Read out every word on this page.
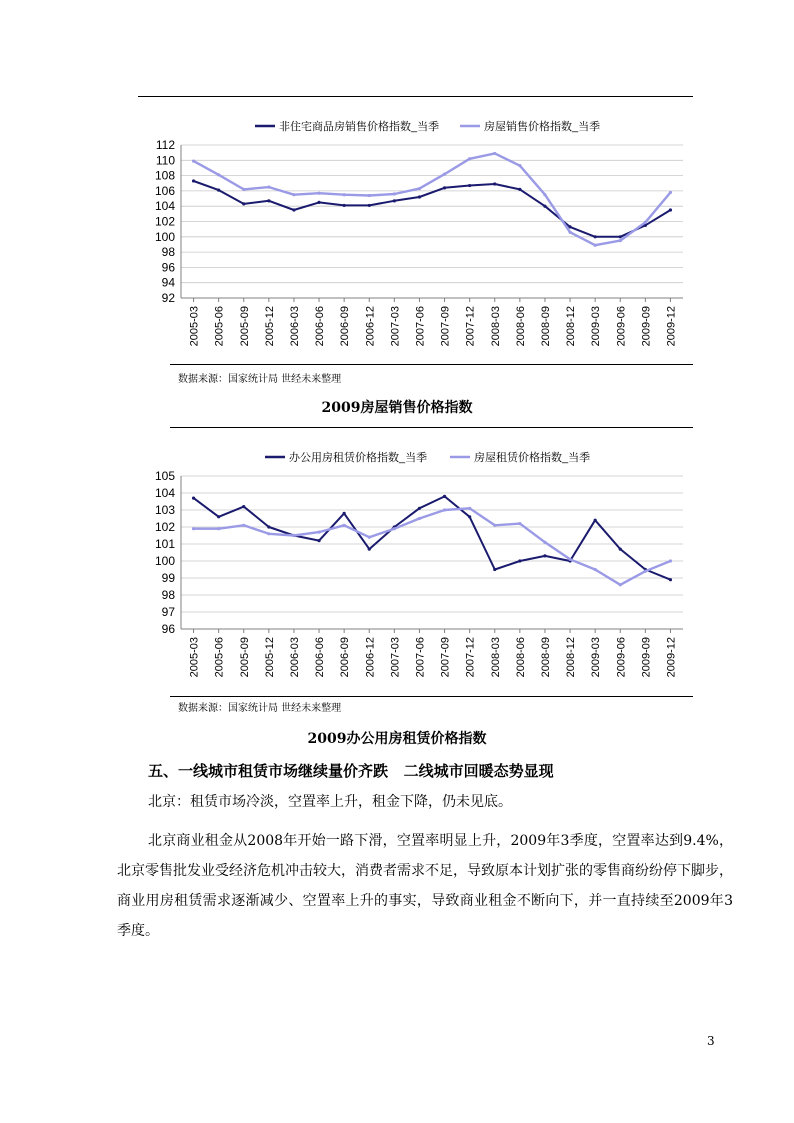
92
94
96
98
100
102
104
106
108
110
112
2005-03 2005-06 2005-09 2005-12 2006-03 2006-06 2006-09 2006-12 2007-03 2007-06 2007-09 2007-12 2008-03 2008-06 2008-09 2008-12 2009-03 2009-06 2009-09 2009-12
非住宅商品房销售价格指数_当季	房屋销售价格指数_当季
数据来源：国家统计局 世经未来整理
2009房屋销售价格指数
96
97
98
99
100
101
102
103
104
105
2005-03 2005-06 2005-09 2005-12 2006-03 2006-06 2006-09 2006-12 2007-03 2007-06 2007-09 2007-12 2008-03 2008-06 2008-09 2008-12 2009-03 2009-06 2009-09 2009-12
办公用房租赁价格指数_当季	房屋租赁价格指数_当季
数据来源：国家统计局 世经未来整理
2009办公用房租赁价格指数
五、一线城市租赁市场继续量价齐跌   二线城市回暖态势显现
北京：租赁市场冷淡，空置率上升，租金下降，仍未见底。
北京商业租金从2008年开始一路下滑，空置率明显上升，2009年3季度，空置率达到9.4%，北京零售批发业受经济危机冲击较大，消费者需求不足，导致原本计划扩张的零售商纷纷停下脚步，商业用房租赁需求逐渐减少、空置率上升的事实，导致商业租金不断向下，并一直持续至2009年3季度。
3
